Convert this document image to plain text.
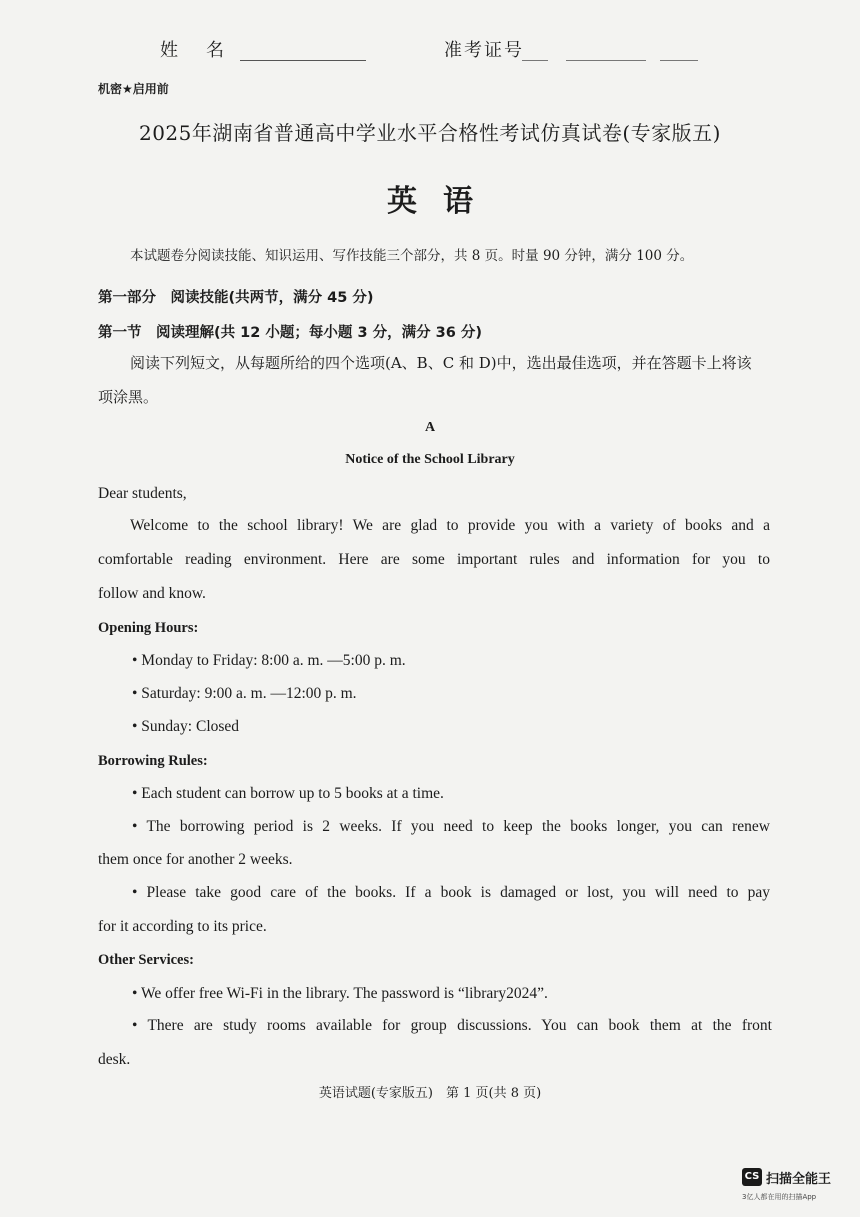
姓名	准考证号
机密★启用前
2025年湖南省普通高中学业水平合格性考试仿真试卷(专家版五)
英语
本试题卷分阅读技能、知识运用、写作技能三个部分，共 8 页。时量 90 分钟，满分 100 分。
第一部分　阅读技能(共两节，满分 45 分)
第一节　阅读理解(共 12 小题；每小题 3 分，满分 36 分)
阅读下列短文，从每题所给的四个选项(A、B、C 和 D)中，选出最佳选项，并在答题卡上将该
项涂黑。
A
Notice of the School Library
Dear students,
Welcome to the school library! We are glad to provide you with a variety of books and a
comfortable reading environment. Here are some important rules and information for you to
follow and know.
Opening Hours:
• Monday to Friday: 8:00 a. m. —5:00 p. m.
• Saturday: 9:00 a. m. —12:00 p. m.
• Sunday: Closed
Borrowing Rules:
• Each student can borrow up to 5 books at a time.
• The borrowing period is 2 weeks. If you need to keep the books longer, you can renew
them once for another 2 weeks.
• Please take good care of the books. If a book is damaged or lost, you will need to pay
for it according to its price.
Other Services:
• We offer free Wi-Fi in the library. The password is “library2024”.
• There are study rooms available for group discussions. You can book them at the front
desk.
英语试题(专家版五)　第 1 页(共 8 页)
CS 扫描全能王
3亿人都在用的扫描App
